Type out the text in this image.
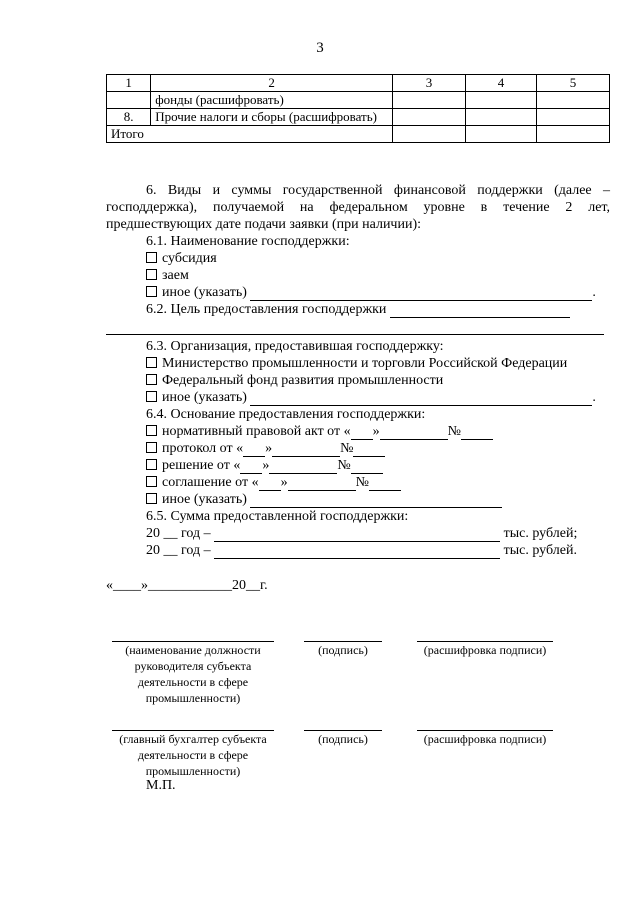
3
1	2	3	4	5
	фонды (расшифровать)			
8.	Прочие налоги и сборы (расшифровать)			
Итого				

6. Виды и суммы государственной финансовой поддержки (далее – господдержка), получаемой на федеральном уровне в течение 2 лет, предшествующих дате подачи заявки (при наличии):

6.1. Наименование господдержки:

субсидия

заем

иное (указать)	.

6.2. Цель предоставления господдержки

6.3. Организация, предоставившая господдержку:

Министерство промышленности и торговли Российской Федерации

Федеральный фонд развития промышленности

иное (указать)	.

6.4. Основание предоставления господдержки:

нормативный правовой акт от « »	№

протокол от « »	№

решение от « »	№

соглашение от « »	№

иное (указать)

6.5. Сумма предоставленной господдержки:

20 __ год –	тыс. рублей;

20 __ год –	тыс. рублей.

«____»____________20__г.
(наименование должности руководителя субъекта деятельности в сфере промышленности)
(подпись)	(расшифровка подписи)
(главный бухгалтер субъекта деятельности в сфере промышленности)
(подпись)	(расшифровка подписи)
М.П.
